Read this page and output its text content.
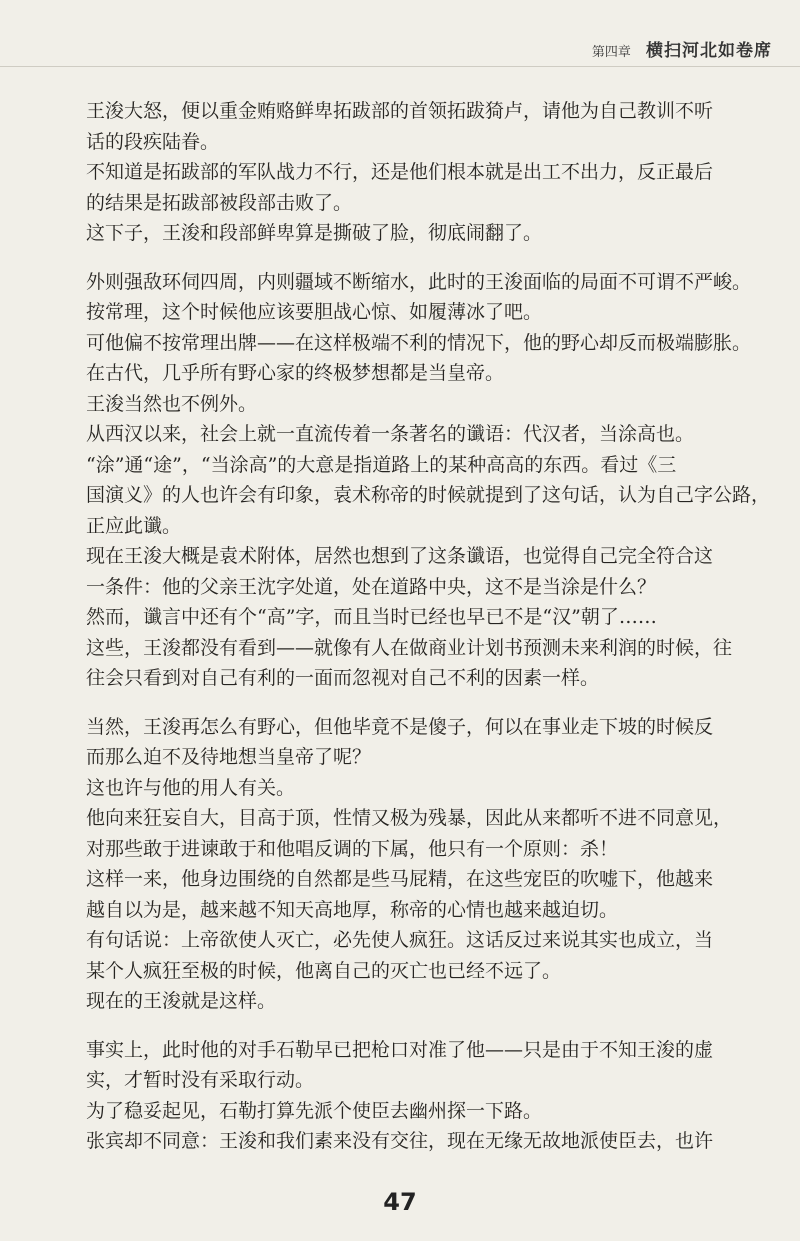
第四章 横扫河北如卷席
王浚大怒，便以重金贿赂鲜卑拓跋部的首领拓跋猗卢，请他为自己教训不听
话的段疾陆眷。
不知道是拓跋部的军队战力不行，还是他们根本就是出工不出力，反正最后
的结果是拓跋部被段部击败了。
这下子，王浚和段部鲜卑算是撕破了脸，彻底闹翻了。
外则强敌环伺四周，内则疆域不断缩水，此时的王浚面临的局面不可谓不严峻。
按常理，这个时候他应该要胆战心惊、如履薄冰了吧。
可他偏不按常理出牌——在这样极端不利的情况下，他的野心却反而极端膨胀。
在古代，几乎所有野心家的终极梦想都是当皇帝。
王浚当然也不例外。
从西汉以来，社会上就一直流传着一条著名的谶语：代汉者，当涂高也。
“涂”通“途”，“当涂高”的大意是指道路上的某种高高的东西。看过《三
国演义》的人也许会有印象，袁术称帝的时候就提到了这句话，认为自己字公路，
正应此谶。
现在王浚大概是袁术附体，居然也想到了这条谶语，也觉得自己完全符合这
一条件：他的父亲王沈字处道，处在道路中央，这不是当涂是什么？
然而，谶言中还有个“高”字，而且当时已经也早已不是“汉”朝了……
这些，王浚都没有看到——就像有人在做商业计划书预测未来利润的时候，往
往会只看到对自己有利的一面而忽视对自己不利的因素一样。
当然，王浚再怎么有野心，但他毕竟不是傻子，何以在事业走下坡的时候反
而那么迫不及待地想当皇帝了呢？
这也许与他的用人有关。
他向来狂妄自大，目高于顶，性情又极为残暴，因此从来都听不进不同意见，
对那些敢于进谏敢于和他唱反调的下属，他只有一个原则：杀！
这样一来，他身边围绕的自然都是些马屁精，在这些宠臣的吹嘘下，他越来
越自以为是，越来越不知天高地厚，称帝的心情也越来越迫切。
有句话说：上帝欲使人灭亡，必先使人疯狂。这话反过来说其实也成立，当
某个人疯狂至极的时候，他离自己的灭亡也已经不远了。
现在的王浚就是这样。
事实上，此时他的对手石勒早已把枪口对准了他——只是由于不知王浚的虚
实，才暂时没有采取行动。
为了稳妥起见，石勒打算先派个使臣去幽州探一下路。
张宾却不同意：王浚和我们素来没有交往，现在无缘无故地派使臣去，也许
47
